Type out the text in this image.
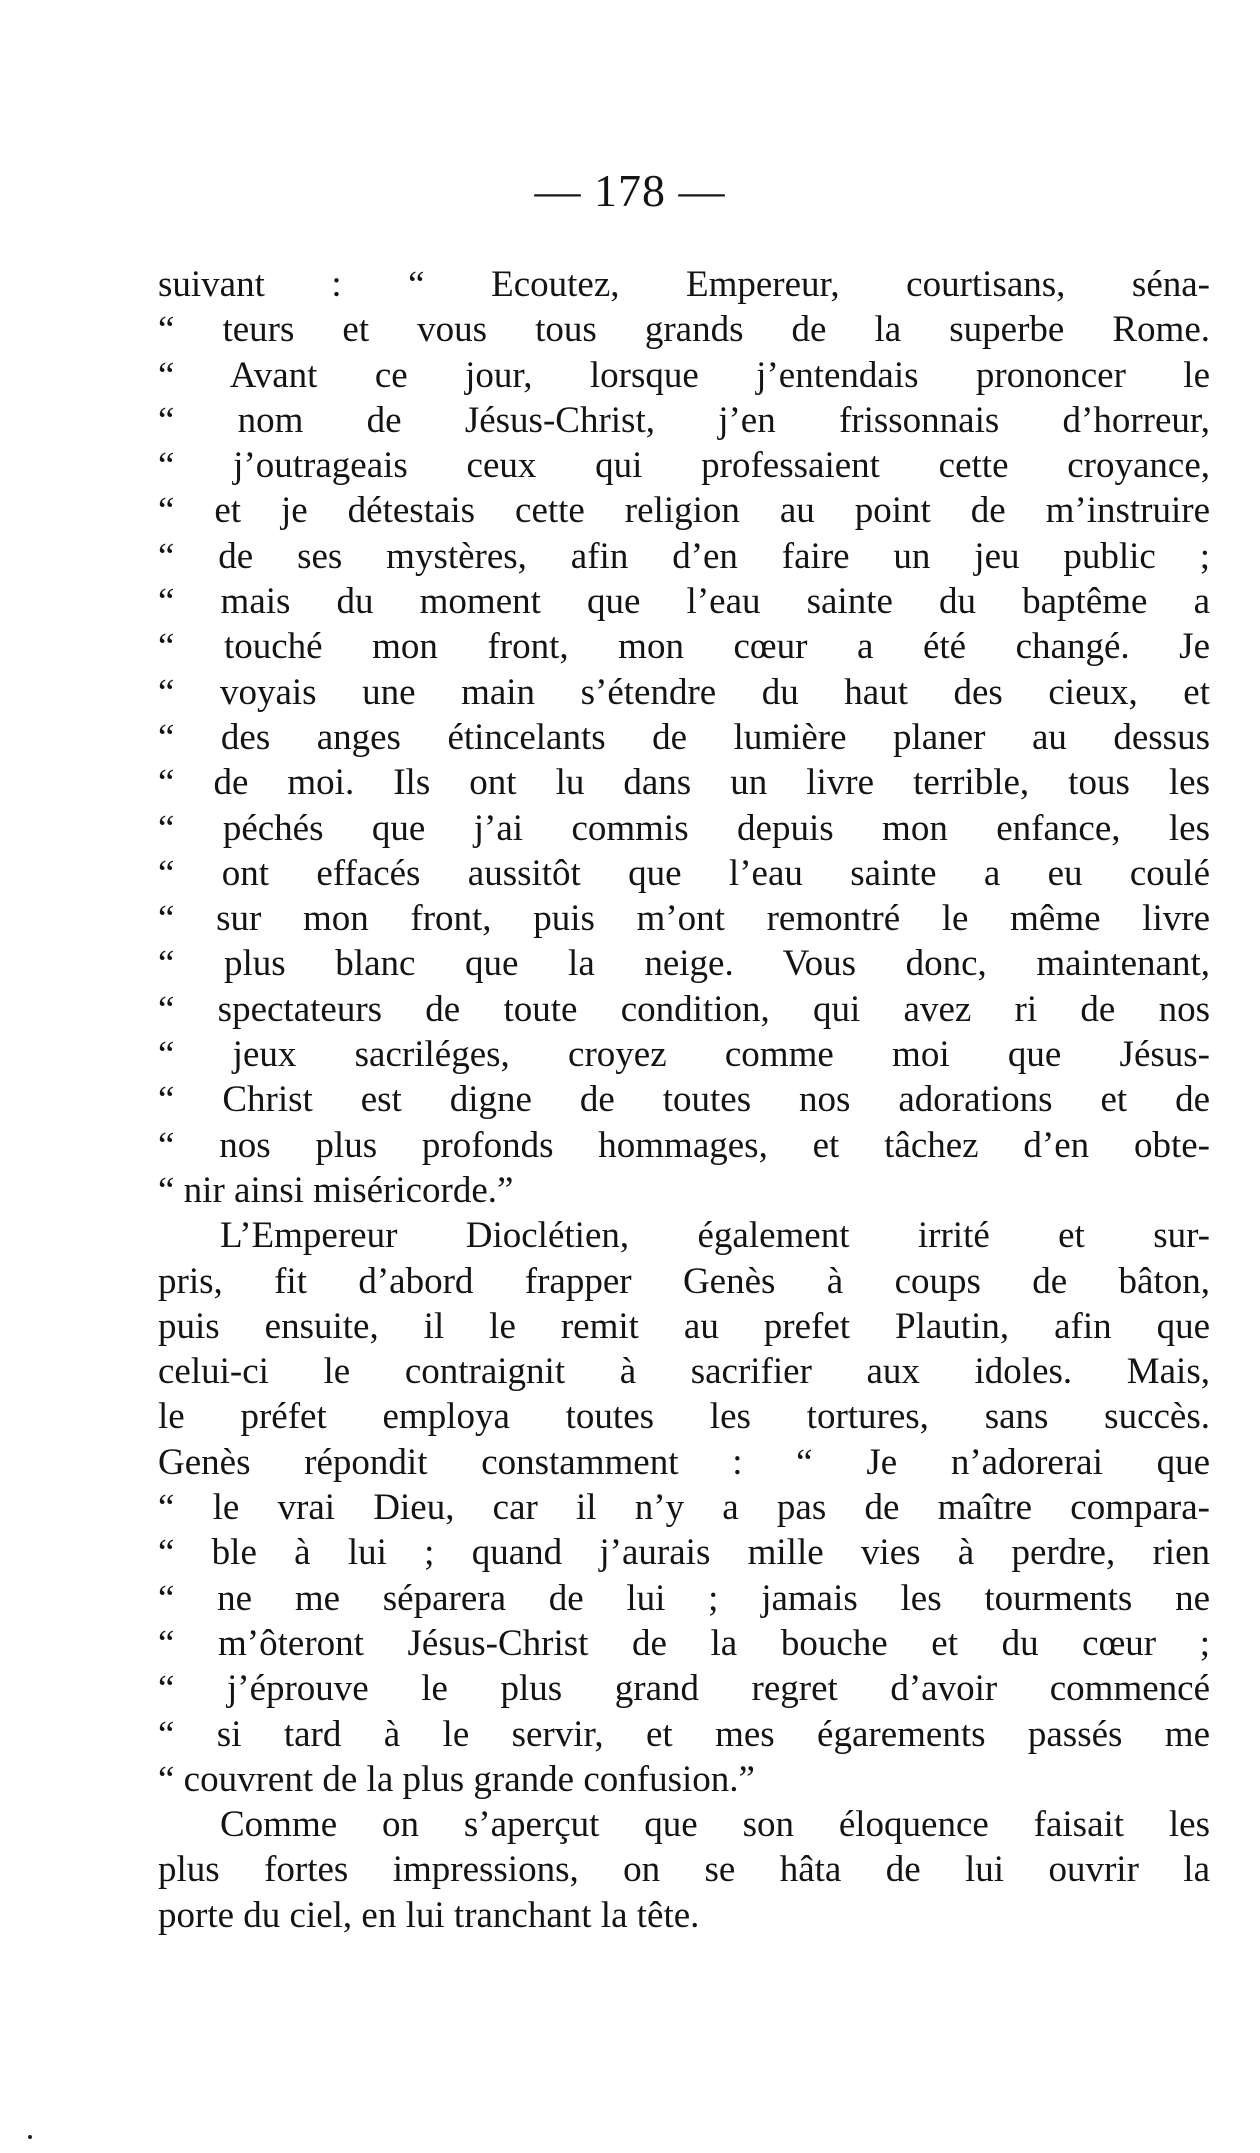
— 178 —
suivant : “ Ecoutez, Empereur, courtisans, séna-
“ teurs et vous tous grands de la superbe Rome.
“ Avant ce jour, lorsque j’entendais prononcer le
“ nom de Jésus-Christ, j’en frissonnais d’horreur,
“ j’outrageais ceux qui professaient cette croyance,
“ et je détestais cette religion au point de m’instruire
“ de ses mystères, afin d’en faire un jeu public ;
“ mais du moment que l’eau sainte du baptême a
“ touché mon front, mon cœur a été changé. Je
“ voyais une main s’étendre du haut des cieux, et
“ des anges étincelants de lumière planer au dessus
“ de moi. Ils ont lu dans un livre terrible, tous les
“ péchés que j’ai commis depuis mon enfance, les
“ ont effacés aussitôt que l’eau sainte a eu coulé
“ sur mon front, puis m’ont remontré le même livre
“ plus blanc que la neige. Vous donc, maintenant,
“ spectateurs de toute condition, qui avez ri de nos
“ jeux sacriléges, croyez comme moi que Jésus-
“ Christ est digne de toutes nos adorations et de
“ nos plus profonds hommages, et tâchez d’en obte-
“ nir ainsi miséricorde.”
L’Empereur Dioclétien, également irrité et sur-
pris, fit d’abord frapper Genès à coups de bâton,
puis ensuite, il le remit au prefet Plautin, afin que
celui-ci le contraignit à sacrifier aux idoles. Mais,
le préfet employa toutes les tortures, sans succès.
Genès répondit constamment : “ Je n’adorerai que
“ le vrai Dieu, car il n’y a pas de maître compara-
“ ble à lui ; quand j’aurais mille vies à perdre, rien
“ ne me séparera de lui ; jamais les tourments ne
“ m’ôteront Jésus-Christ de la bouche et du cœur ;
“ j’éprouve le plus grand regret d’avoir commencé
“ si tard à le servir, et mes égarements passés me
“ couvrent de la plus grande confusion.”
Comme on s’aperçut que son éloquence faisait les
plus fortes impressions, on se hâta de lui ouvrir la
porte du ciel, en lui tranchant la tête.
